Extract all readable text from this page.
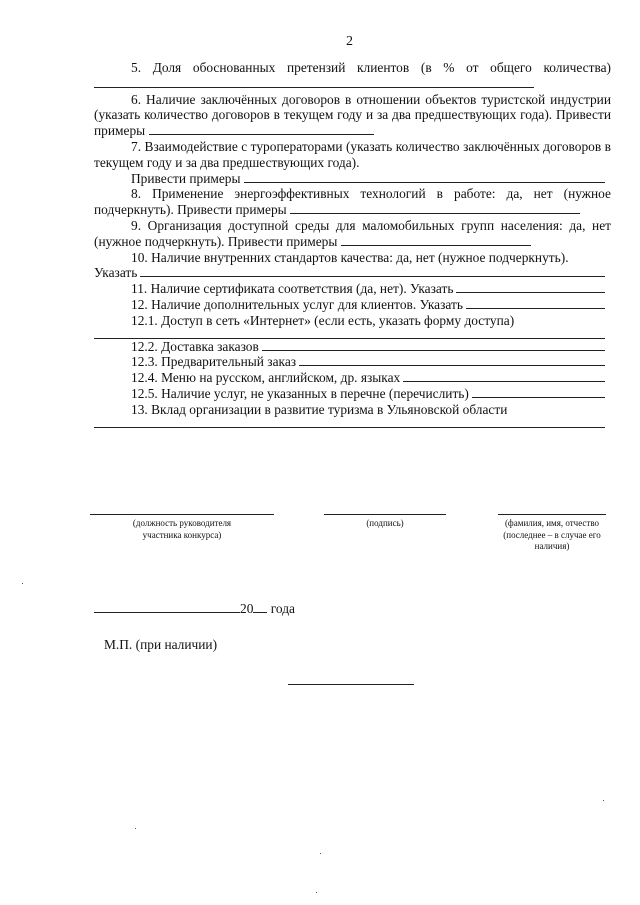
2

5. Доля обоснованных претензий клиентов (в % от общего количества)

6. Наличие заключённых договоров в отношении объектов туристской индустрии (указать количество договоров в текущем году и за два предшествующих года). Привести примеры

7. Взаимодействие с туроператорами (указать количество заключённых договоров в текущем году и за два предшествующих года).

Привести примеры

8. Применение энергоэффективных технологий в работе: да, нет (нужное подчеркнуть). Привести примеры

9. Организация доступной среды для маломобильных групп населения: да, нет (нужное подчеркнуть). Привести примеры

10. Наличие внутренних стандартов качества: да, нет (нужное подчеркнуть).

Указать
11. Наличие сертификата соответствия (да, нет). Указать
12. Наличие дополнительных услуг для клиентов. Указать

12.1. Доступ в сеть «Интернет» (если есть, указать форму доступа)

12.2. Доставка заказов
12.3. Предварительный заказ
12.4. Меню на русском, английском, др. языках
12.5. Наличие услуг, не указанных в перечне (перечислить)

13. Вклад организации в развитие туризма в Ульяновской области

(должность руководителя участника конкурса)
(подпись)	(фамилия, имя, отчество (последнее – в случае его наличия)
20 года
М.П. (при наличии)
